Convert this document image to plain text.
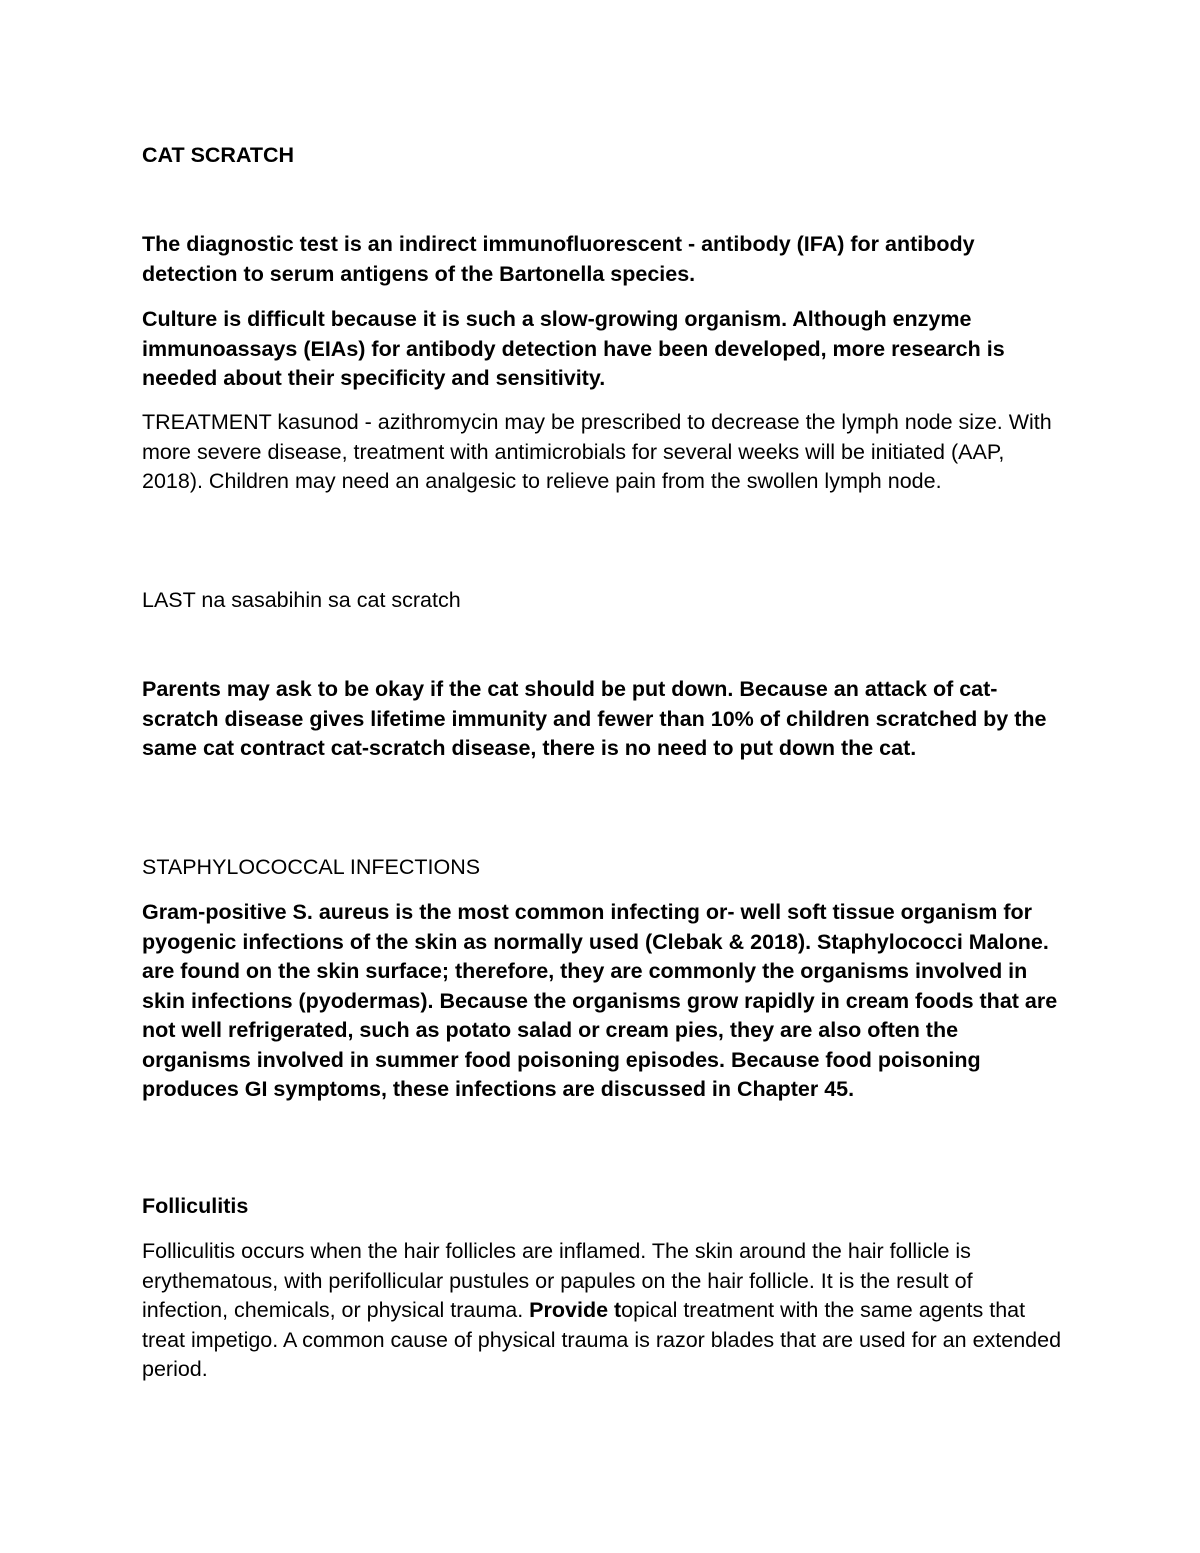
CAT SCRATCH

The diagnostic test is an indirect immunofluorescent - antibody (IFA) for antibody detection to serum antigens of the Bartonella species.

Culture is difficult because it is such a slow-growing organism. Although enzyme immunoassays (EIAs) for antibody detection have been developed, more research is needed about their specificity and sensitivity.

TREATMENT kasunod - azithromycin may be prescribed to decrease the lymph node size. With more severe disease, treatment with antimicrobials for several weeks will be initiated (AAP, 2018). Children may need an analgesic to relieve pain from the swollen lymph node.

LAST na sasabihin sa cat scratch

Parents may ask to be okay if the cat should be put down. Because an attack of cat-scratch disease gives lifetime immunity and fewer than 10% of children scratched by the same cat contract cat-scratch disease, there is no need to put down the cat.

STAPHYLOCOCCAL INFECTIONS

Gram-positive S. aureus is the most common infecting or- well soft tissue organism for pyogenic infections of the skin as normally used (Clebak & 2018). Staphylococci Malone. are found on the skin surface; therefore, they are commonly the organisms involved in skin infections (pyodermas). Because the organisms grow rapidly in cream foods that are not well refrigerated, such as potato salad or cream pies, they are also often the organisms involved in summer food poisoning episodes. Because food poisoning produces GI symptoms, these infections are discussed in Chapter 45.

Folliculitis

Folliculitis occurs when the hair follicles are inflamed. The skin around the hair follicle is erythematous, with perifollicular pustules or papules on the hair follicle. It is the result of infection, chemicals, or physical trauma. Provide topical treatment with the same agents that treat impetigo. A common cause of physical trauma is razor blades that are used for an extended period.
